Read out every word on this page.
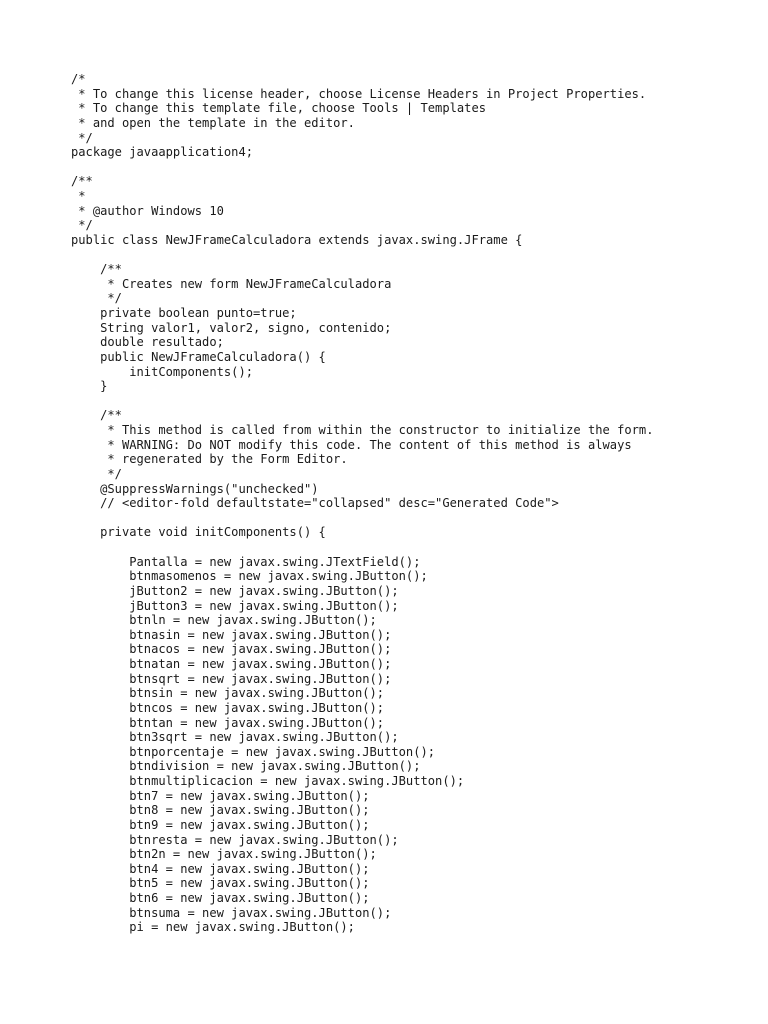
/*
* To change this license header, choose License Headers in Project Properties.
* To change this template file, choose Tools | Templates
* and open the template in the editor.
*/
package javaapplication4;
/**
*
* @author Windows 10
*/
public class NewJFrameCalculadora extends javax.swing.JFrame {
/**
* Creates new form NewJFrameCalculadora
*/
private boolean punto=true;
String valor1, valor2, signo, contenido;
double resultado;
public NewJFrameCalculadora() {
initComponents();
}
/**
* This method is called from within the constructor to initialize the form.
* WARNING: Do NOT modify this code. The content of this method is always
* regenerated by the Form Editor.
*/
@SuppressWarnings("unchecked")
// <editor-fold defaultstate="collapsed" desc="Generated Code">
private void initComponents() {
Pantalla = new javax.swing.JTextField();
btnmasomenos = new javax.swing.JButton();
jButton2 = new javax.swing.JButton();
jButton3 = new javax.swing.JButton();
btnln = new javax.swing.JButton();
btnasin = new javax.swing.JButton();
btnacos = new javax.swing.JButton();
btnatan = new javax.swing.JButton();
btnsqrt = new javax.swing.JButton();
btnsin = new javax.swing.JButton();
btncos = new javax.swing.JButton();
btntan = new javax.swing.JButton();
btn3sqrt = new javax.swing.JButton();
btnporcentaje = new javax.swing.JButton();
btndivision = new javax.swing.JButton();
btnmultiplicacion = new javax.swing.JButton();
btn7 = new javax.swing.JButton();
btn8 = new javax.swing.JButton();
btn9 = new javax.swing.JButton();
btnresta = new javax.swing.JButton();
btn2n = new javax.swing.JButton();
btn4 = new javax.swing.JButton();
btn5 = new javax.swing.JButton();
btn6 = new javax.swing.JButton();
btnsuma = new javax.swing.JButton();
pi = new javax.swing.JButton();
